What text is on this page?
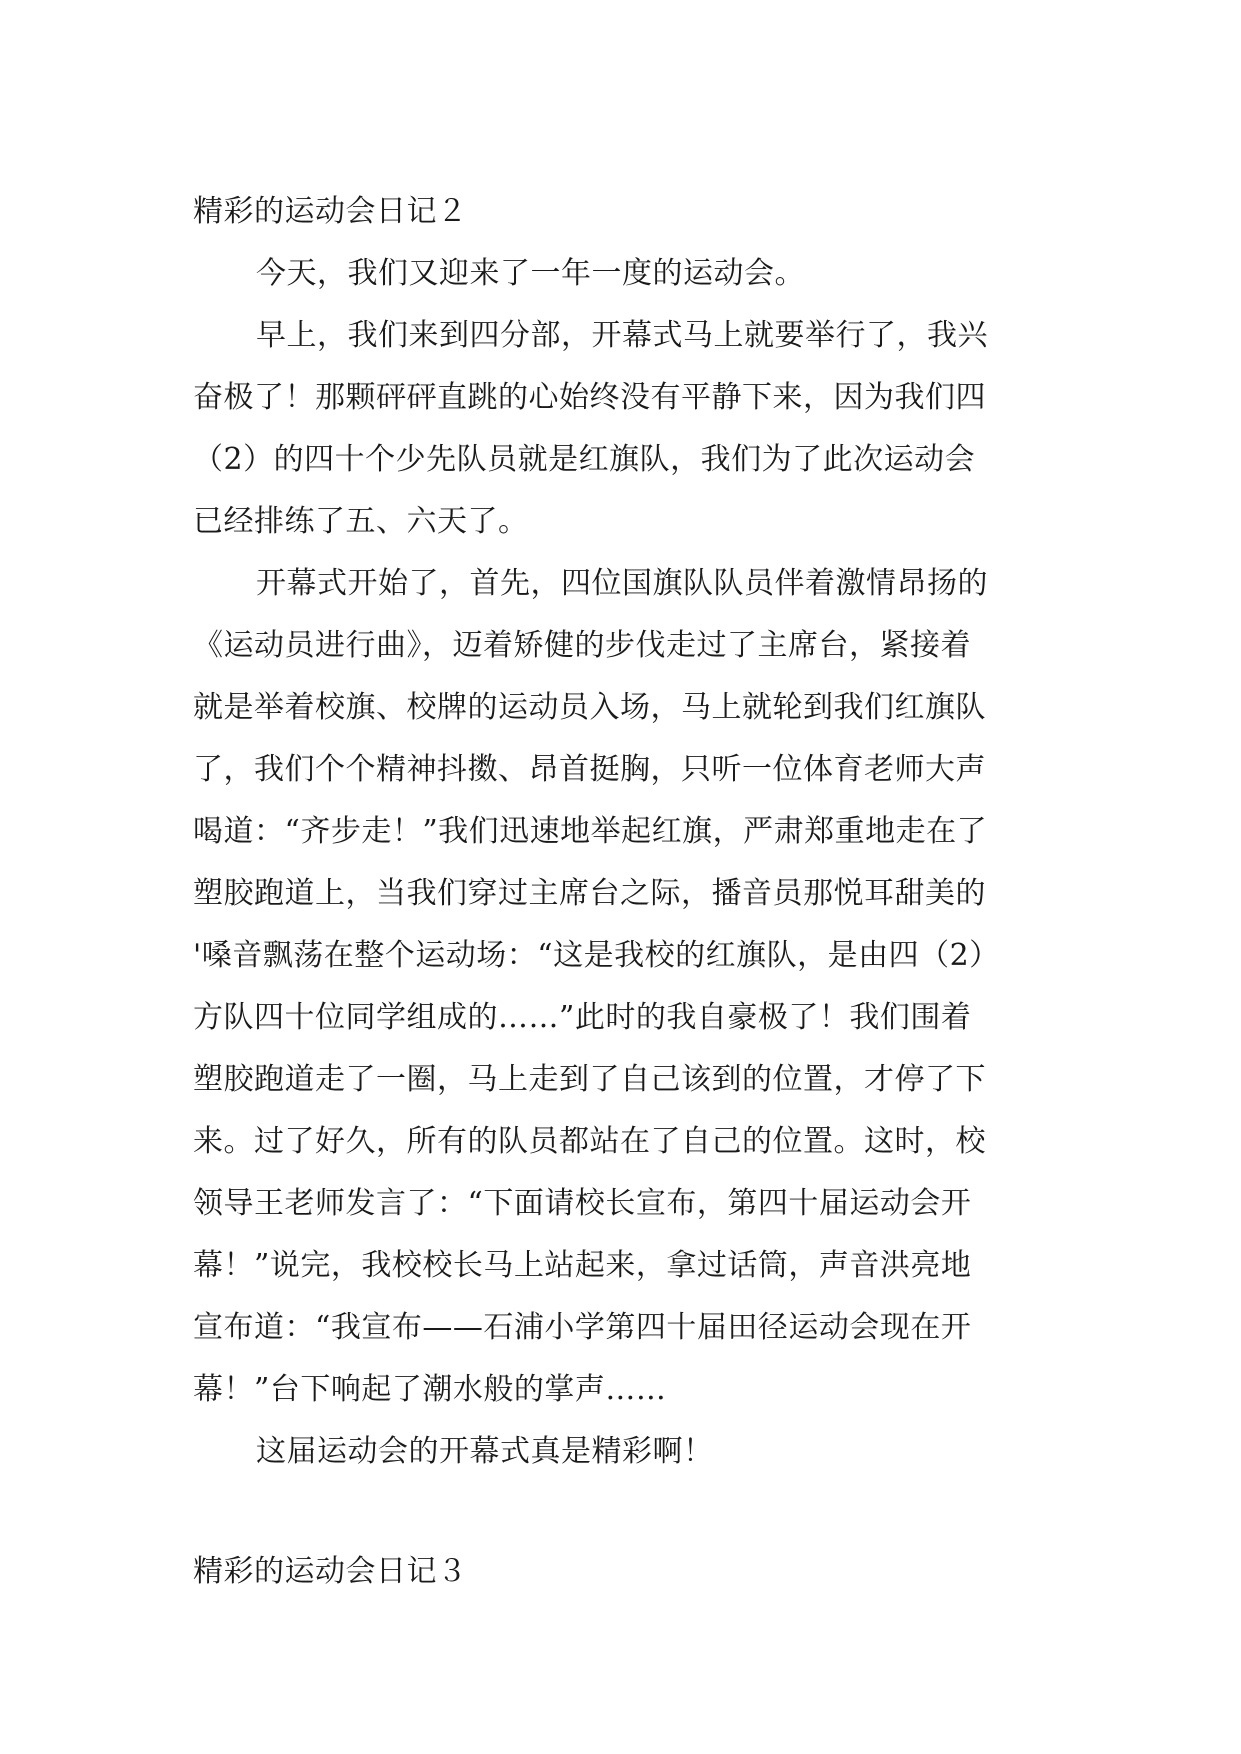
精彩的运动会日记２
今天，我们又迎来了一年一度的运动会。
早上，我们来到四分部，开幕式马上就要举行了，我兴
奋极了！那颗砰砰直跳的心始终没有平静下来，因为我们四
（2）的四十个少先队员就是红旗队，我们为了此次运动会
已经排练了五、六天了。
开幕式开始了，首先，四位国旗队队员伴着激情昂扬的
《运动员进行曲》，迈着矫健的步伐走过了主席台，紧接着
就是举着校旗、校牌的运动员入场，马上就轮到我们红旗队
了，我们个个精神抖擞、昂首挺胸，只听一位体育老师大声
喝道：“齐步走！”我们迅速地举起红旗，严肃郑重地走在了
塑胶跑道上，当我们穿过主席台之际，播音员那悦耳甜美的
'嗓音飘荡在整个运动场：“这是我校的红旗队，是由四（2）
方队四十位同学组成的……”此时的我自豪极了！我们围着
塑胶跑道走了一圈，马上走到了自己该到的位置，才停了下
来。过了好久，所有的队员都站在了自己的位置。这时，校
领导王老师发言了：“下面请校长宣布，第四十届运动会开
幕！”说完，我校校长马上站起来，拿过话筒，声音洪亮地
宣布道：“我宣布——石浦小学第四十届田径运动会现在开
幕！”台下响起了潮水般的掌声……
这届运动会的开幕式真是精彩啊！
精彩的运动会日记３
